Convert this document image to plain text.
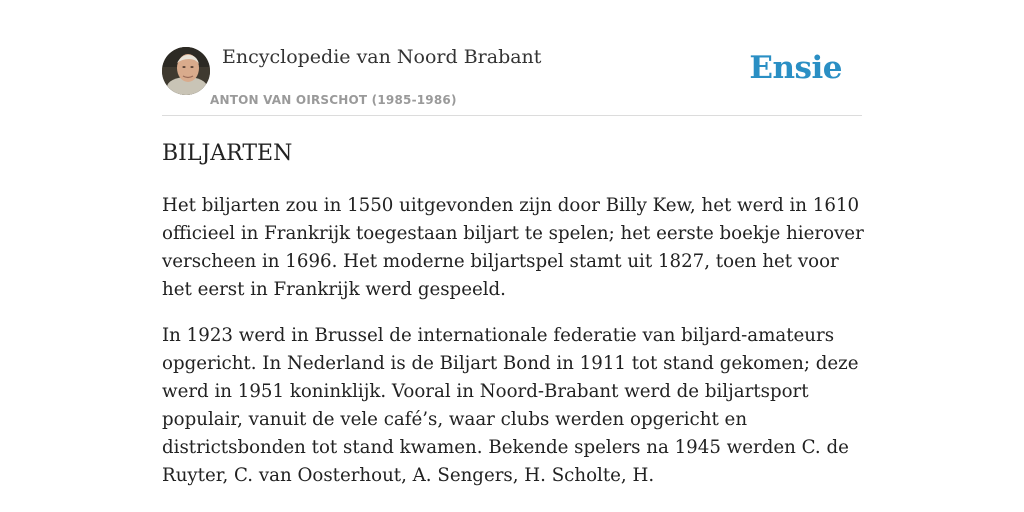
Encyclopedie van Noord Brabant
ANTON VAN OIRSCHOT (1985-1986)
Ensie
BILJARTEN

Het biljarten zou in 1550 uitgevonden zijn door Billy Kew, het werd in 1610 officieel in Frankrijk toegestaan biljart te spelen; het eerste boekje hierover verscheen in 1696. Het moderne biljartspel stamt uit 1827, toen het voor het eerst in Frankrijk werd gespeeld.

In 1923 werd in Brussel de internationale federatie van biljard-amateurs opgericht. In Nederland is de Biljart Bond in 1911 tot stand gekomen; deze werd in 1951 koninklijk. Vooral in Noord-Brabant werd de biljartsport populair, vanuit de vele café’s, waar clubs werden opgericht en districtsbonden tot stand kwamen. Bekende spelers na 1945 werden C. de Ruyter, C. van Oosterhout, A. Sengers, H. Scholte, H.
